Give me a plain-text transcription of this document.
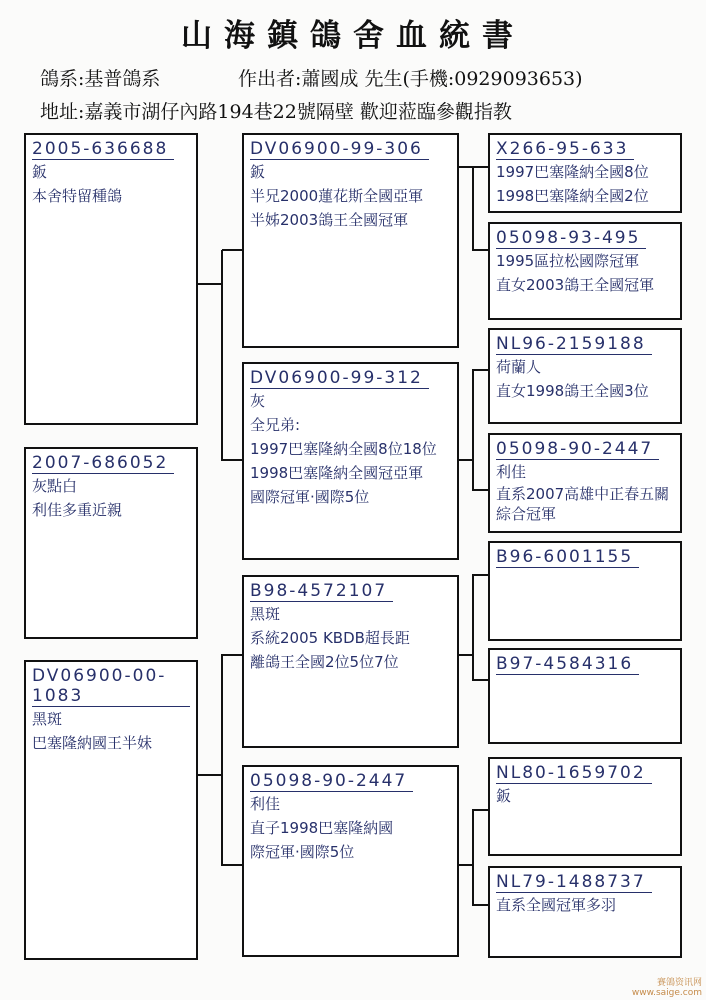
山海鎮鴿舍血統書
鴿系:基普鴿系	作出者:蕭國成 先生(手機:0929093653)
地址:嘉義市湖仔內路194巷22號隔壁 歡迎蒞臨參觀指教
2005-636688
鈑
本舍特留種鴿
2007-686052
灰點白
利佳多重近親
DV06900-00-1083
黑斑
巴塞隆納國王半妹
DV06900-99-306
鈑
半兄2000蓮花斯全國亞軍
半姊2003鴿王全國冠軍
DV06900-99-312
灰
全兄弟:
1997巴塞隆納全國8位18位
1998巴塞隆納全國冠亞軍
國際冠軍·國際5位
B98-4572107
黑斑
系統2005 KBDB超長距
離鴿王全國2位5位7位
05098-90-2447
利佳
直子1998巴塞隆納國
際冠軍·國際5位
X266-95-633
1997巴塞隆納全國8位
1998巴塞隆納全國2位
05098-93-495
1995區拉松國際冠軍
直女2003鴿王全國冠軍
NL96-2159188
荷蘭人
直女1998鴿王全國3位
05098-90-2447
利佳
直系2007高雄中正春五關綜合冠軍
B96-6001155
B97-4584316
NL80-1659702
鈑
NL79-1488737
直系全國冠軍多羽
賽鴿资讯网
www.saige.com
